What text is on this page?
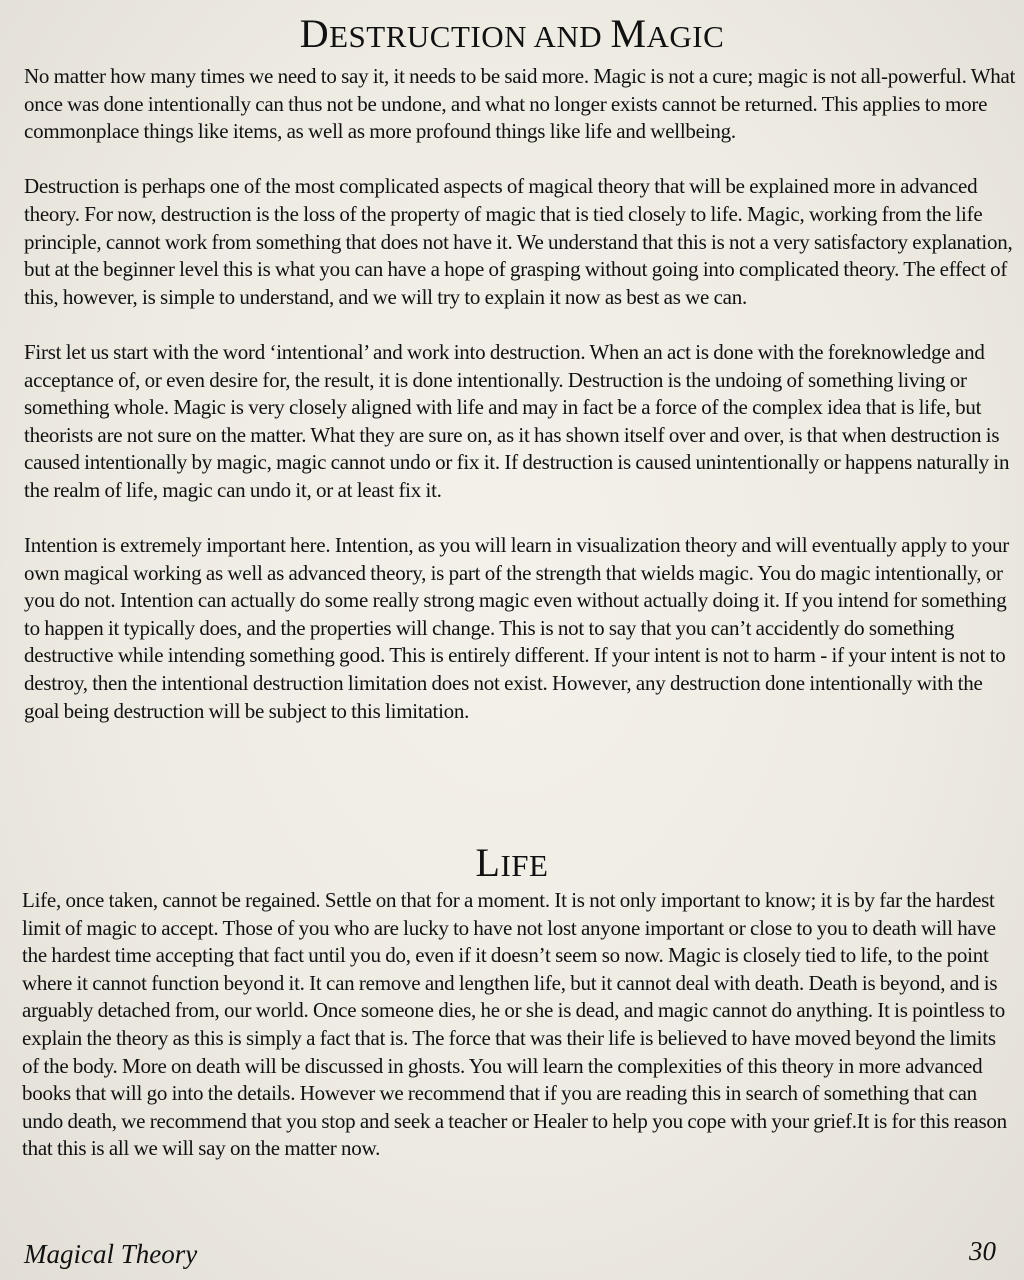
DESTRUCTION AND MAGIC

No matter how many times we need to say it, it needs to be said more. Magic is not a cure; magic is not all-powerful. What once was done intentionally can thus not be undone, and what no longer exists cannot be returned. This applies to more commonplace things like items, as well as more profound things like life and wellbeing.

Destruction is perhaps one of the most complicated aspects of magical theory that will be explained more in advanced theory. For now, destruction is the loss of the property of magic that is tied closely to life. Magic, working from the life principle, cannot work from something that does not have it. We understand that this is not a very satisfactory explanation, but at the beginner level this is what you can have a hope of grasping without going into complicated theory. The effect of this, however, is simple to understand, and we will try to explain it now as best as we can.

First let us start with the word ‘intentional’ and work into destruction. When an act is done with the foreknowledge and acceptance of, or even desire for, the result, it is done intentionally. Destruction is the undoing of something living or something whole. Magic is very closely aligned with life and may in fact be a force of the complex idea that is life, but theorists are not sure on the matter. What they are sure on, as it has shown itself over and over, is that when destruction is caused intentionally by magic, magic cannot undo or fix it. If destruction is caused unintentionally or happens naturally in the realm of life, magic can undo it, or at least fix it.

Intention is extremely important here. Intention, as you will learn in visualization theory and will eventually apply to your own magical working as well as advanced theory, is part of the strength that wields magic. You do magic intentionally, or you do not. Intention can actually do some really strong magic even without actually doing it. If you intend for something to happen it typically does, and the properties will change. This is not to say that you can’t accidently do something destructive while intending something good. This is entirely different. If your intent is not to harm - if your intent is not to destroy, then the intentional destruction limitation does not exist. However, any destruction done intentionally with the goal being destruction will be subject to this limitation.

LIFE

Life, once taken, cannot be regained. Settle on that for a moment. It is not only important to know; it is by far the hardest limit of magic to accept. Those of you who are lucky to have not lost anyone important or close to you to death will have the hardest time accepting that fact until you do, even if it doesn’t seem so now. Magic is closely tied to life, to the point where it cannot function beyond it. It can remove and lengthen life, but it cannot deal with death. Death is beyond, and is arguably detached from, our world. Once someone dies, he or she is dead, and magic cannot do anything. It is pointless to explain the theory as this is simply a fact that is. The force that was their life is believed to have moved beyond the limits of the body. More on death will be discussed in ghosts. You will learn the complexities of this theory in more advanced books that will go into the details. However we recommend that if you are reading this in search of something that can undo death, we recommend that you stop and seek a teacher or Healer to help you cope with your grief.It is for this reason that this is all we will say on the matter now.

Magical Theory	30
